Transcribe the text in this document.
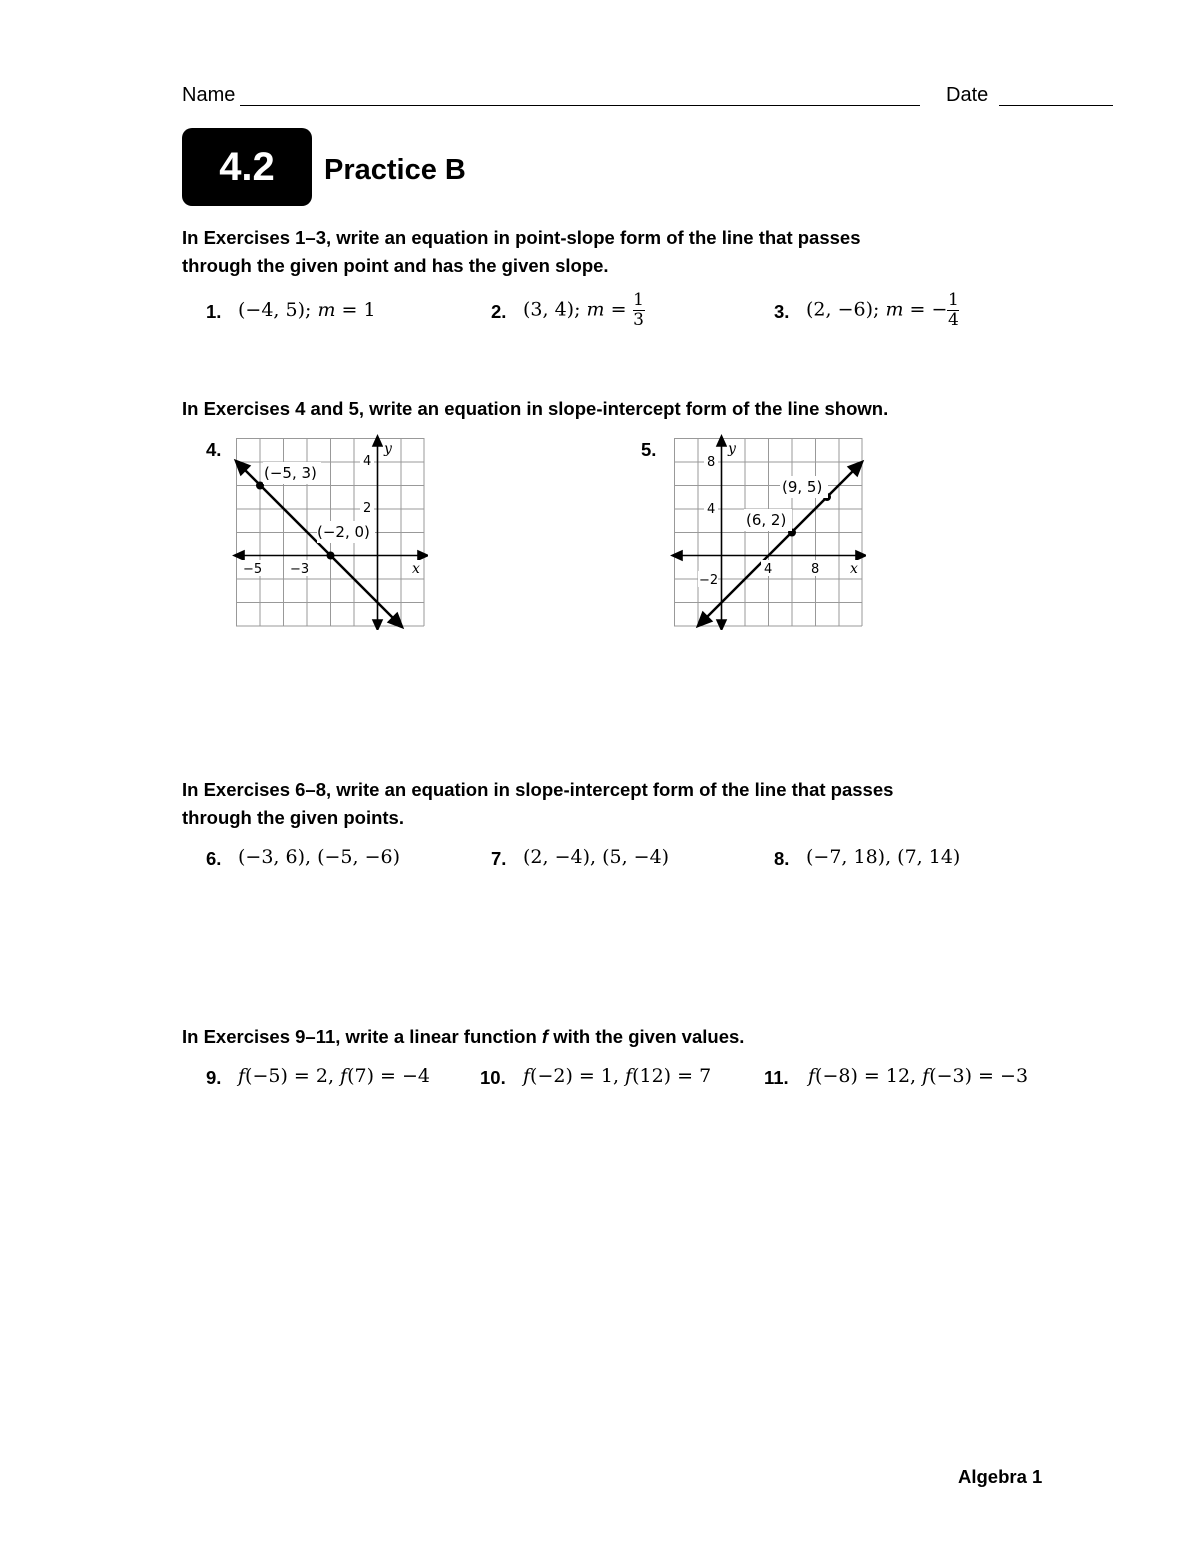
Name	Date
4.2 Practice B
In Exercises 1–3, write an equation in point-slope form of the line that passes
through the given point and has the given slope.
1. (−4, 5); m = 1	2. (3, 4); $m = \frac{1}{3}$	3. (2, −6); m = − $\frac{1}{4}$
In Exercises 4 and 5, write an equation in slope-intercept form of the line shown.
4.
(−5, 3)
(−2, 0)
−5 −3
4
2
x
y	5.
(6, 2)
(9, 5)
4	8
8
4
−2
x
y
In Exercises 6–8, write an equation in slope-intercept form of the line that passes
through the given points.
6. (−3, 6), (−5, −6)	7. (2, −4), (5, −4)	8. (−7, 18), (7, 14)
In Exercises 9–11, write a linear function f with the given values.
9. f(−5) = 2, f(7) = −4	10. f(−2) = 1, f(12) = 7	11. f(−8) = 12, f(−3) = −3
Algebra 1
